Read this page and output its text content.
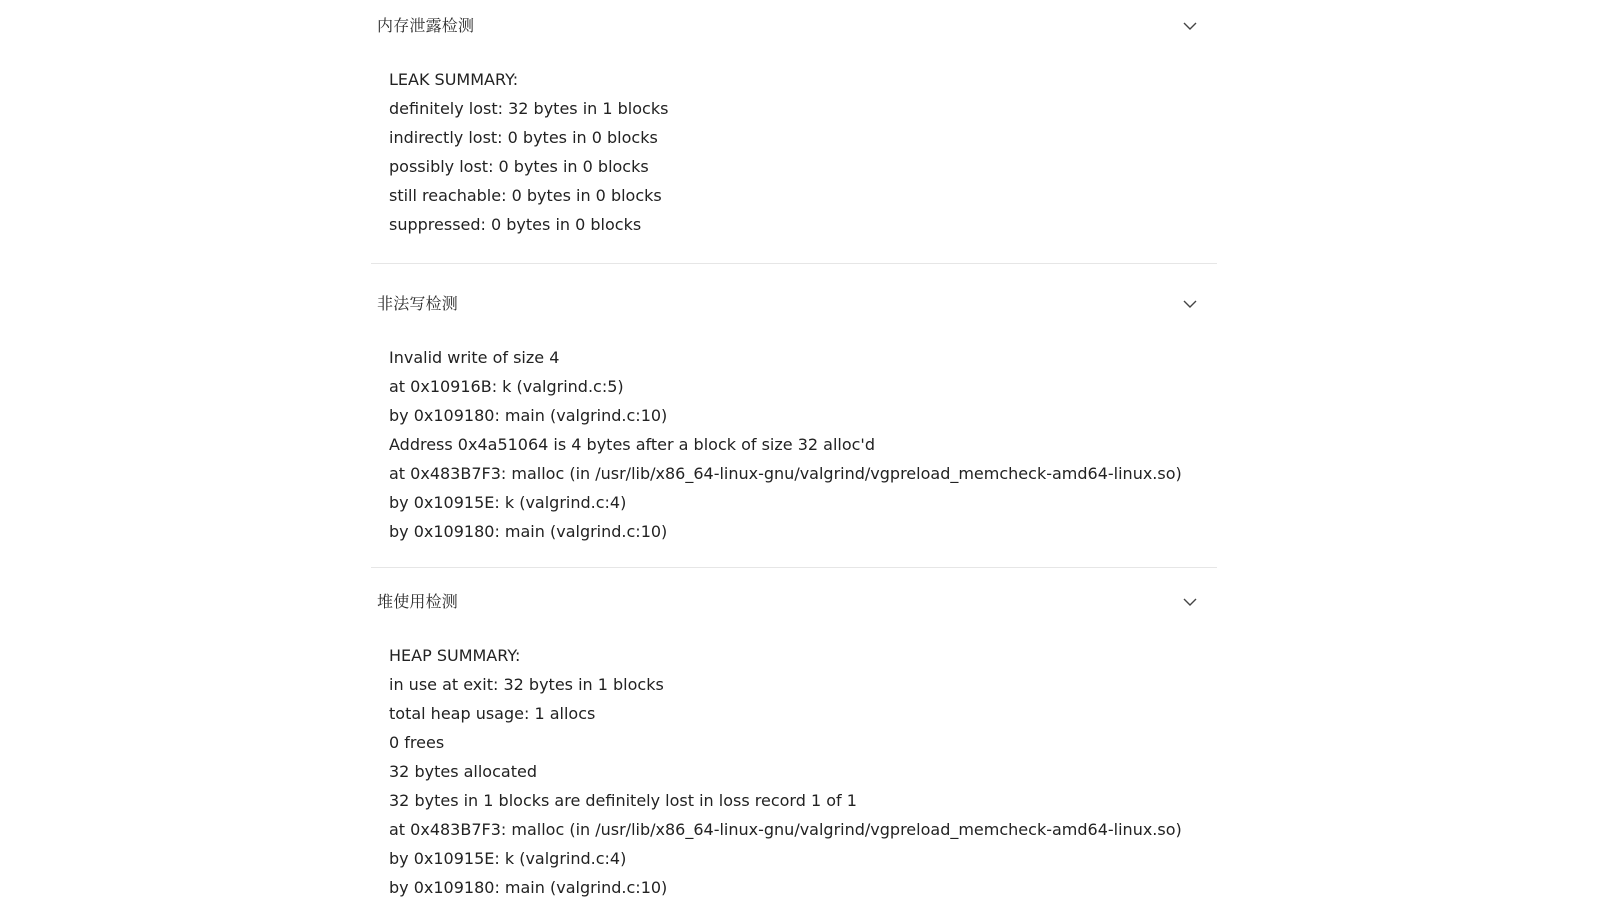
内存泄露检测
LEAK SUMMARY:
definitely lost: 32 bytes in 1 blocks
indirectly lost: 0 bytes in 0 blocks
possibly lost: 0 bytes in 0 blocks
still reachable: 0 bytes in 0 blocks
suppressed: 0 bytes in 0 blocks
非法写检测
Invalid write of size 4
at 0x10916B: k (valgrind.c:5)
by 0x109180: main (valgrind.c:10)
Address 0x4a51064 is 4 bytes after a block of size 32 alloc'd
at 0x483B7F3: malloc (in /usr/lib/x86_64-linux-gnu/valgrind/vgpreload_memcheck-amd64-linux.so)
by 0x10915E: k (valgrind.c:4)
by 0x109180: main (valgrind.c:10)
堆使用检测
HEAP SUMMARY:
in use at exit: 32 bytes in 1 blocks
total heap usage: 1 allocs
0 frees
32 bytes allocated
32 bytes in 1 blocks are definitely lost in loss record 1 of 1
at 0x483B7F3: malloc (in /usr/lib/x86_64-linux-gnu/valgrind/vgpreload_memcheck-amd64-linux.so)
by 0x10915E: k (valgrind.c:4)
by 0x109180: main (valgrind.c:10)
